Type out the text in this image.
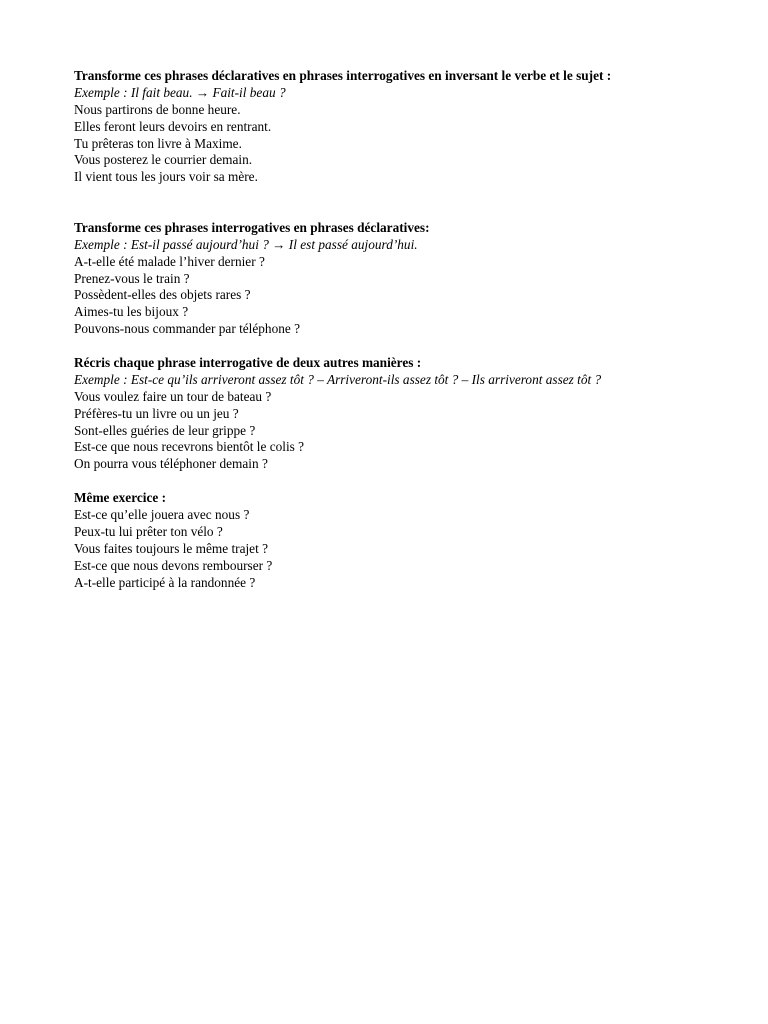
Transforme ces phrases déclaratives en phrases interrogatives en inversant le verbe et le sujet :
Exemple : Il fait beau. → Fait-il beau ?
Nous partirons de bonne heure.
Elles feront leurs devoirs en rentrant.
Tu prêteras ton livre à Maxime.
Vous posterez le courrier demain.
Il vient tous les jours voir sa mère.
Transforme ces phrases interrogatives en phrases déclaratives:
Exemple : Est-il passé aujourd’hui ? → Il est passé aujourd’hui.
A-t-elle été malade l’hiver dernier ?
Prenez-vous le train ?
Possèdent-elles des objets rares ?
Aimes-tu les bijoux ?
Pouvons-nous commander par téléphone ?
Récris chaque phrase interrogative de deux autres manières :
Exemple : Est-ce qu’ils arriveront assez tôt ? – Arriveront-ils assez tôt ? – Ils arriveront assez tôt ?
Vous voulez faire un tour de bateau ?
Préfères-tu un livre ou un jeu ?
Sont-elles guéries de leur grippe ?
Est-ce que nous recevrons bientôt le colis ?
On pourra vous téléphoner demain ?
Même exercice :
Est-ce qu’elle jouera avec nous ?
Peux-tu lui prêter ton vélo ?
Vous faites toujours le même trajet ?
Est-ce que nous devons rembourser ?
A-t-elle participé à la randonnée ?
